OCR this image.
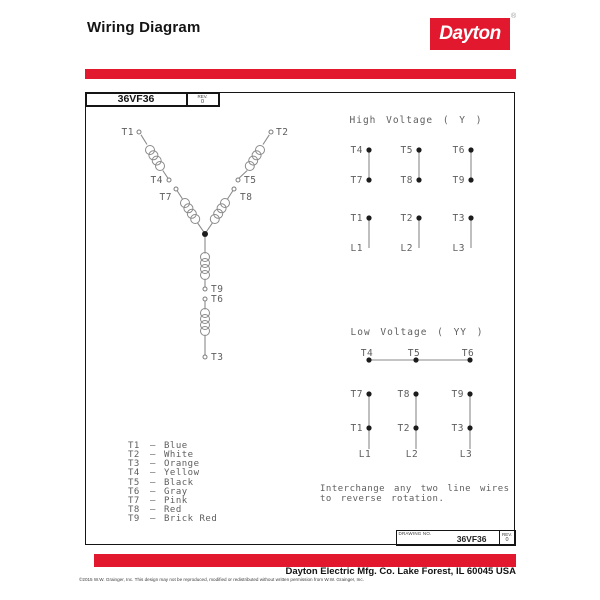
Wiring Diagram	Dayton
®
36VF36	REV.
0
T1	T2
T4	T5
T7	T8
T9
T6
T3
High Voltage ( Y )
T4
T7
T5
T8
T6
T9
T1
L1
T2
L2
T3
L3
Low Voltage ( YY )
T4	T5	T6
T7
T1
L1
T8
T2
L2
T9
T3
L3
T1	— Blue
T2	— White
T3	— Orange
T4	— Yellow
T5	— Black
T6	— Gray
T7	— Pink
T8	— Red
T9	— Brick Red
Interchange any two line wires
to reverse rotation.
DRAWING NO.
36VF36	REV.
0
Dayton Electric Mfg. Co. Lake Forest, IL 60045 USA
©2015 W.W. Grainger, Inc. This design may not be reproduced, modified or redistributed without written permission from W.W. Grainger, Inc.
